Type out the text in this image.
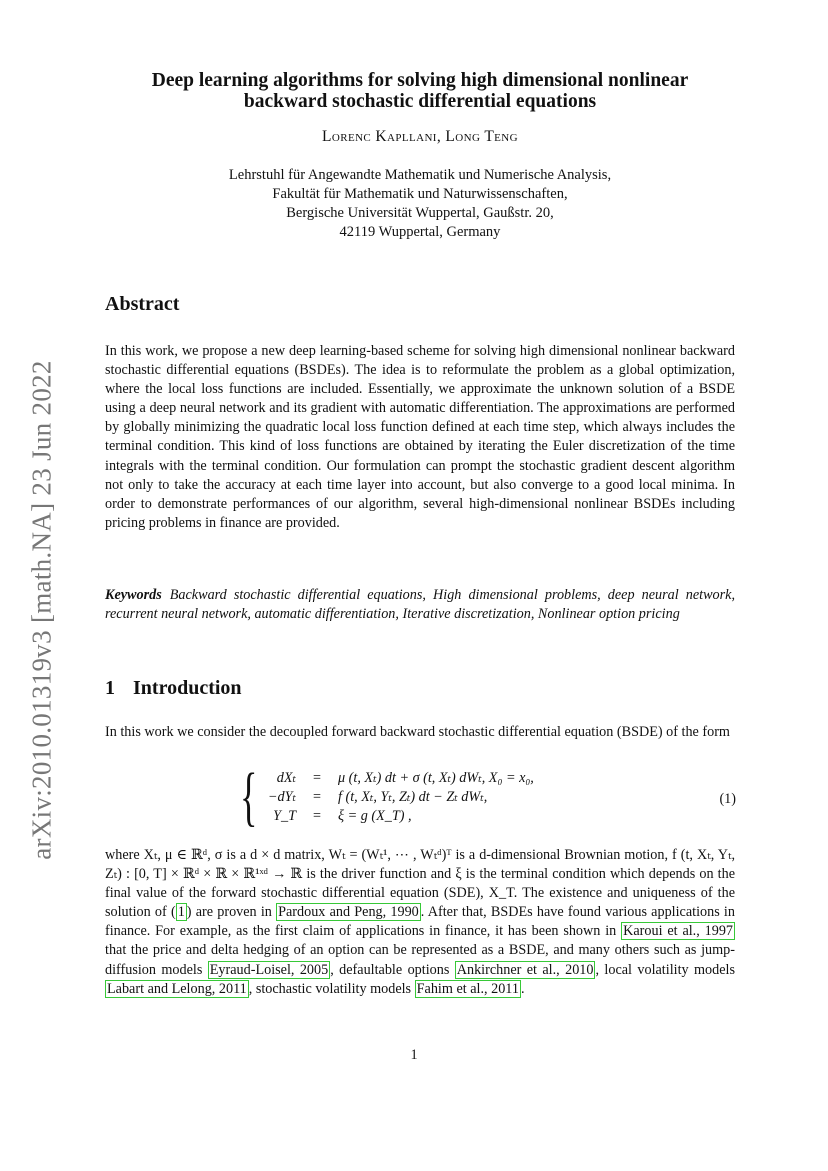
arXiv:2010.01319v3 [math.NA] 23 Jun 2022
Deep learning algorithms for solving high dimensional nonlinear
backward stochastic differential equations
Lorenc Kapllani, Long Teng
Lehrstuhl für Angewandte Mathematik und Numerische Analysis,
Fakultät für Mathematik und Naturwissenschaften,
Bergische Universität Wuppertal, Gaußstr. 20,
42119 Wuppertal, Germany
Abstract
In this work, we propose a new deep learning-based scheme for solving high dimensional nonlinear backward stochastic differential equations (BSDEs). The idea is to reformulate the problem as a global optimization, where the local loss functions are included. Essentially, we approximate the unknown solution of a BSDE using a deep neural network and its gradient with automatic differentiation. The approximations are performed by globally minimizing the quadratic local loss function defined at each time step, which always includes the terminal condition. This kind of loss functions are obtained by iterating the Euler discretization of the time integrals with the terminal condition. Our formulation can prompt the stochastic gradient descent algorithm not only to take the accuracy at each time layer into account, but also converge to a good local minima. In order to demonstrate performances of our algorithm, several high-dimensional nonlinear BSDEs including pricing problems in finance are provided.
Keywords Backward stochastic differential equations, High dimensional problems, deep neural network, recurrent neural network, automatic differentiation, Iterative discretization, Nonlinear option pricing
1 Introduction
In this work we consider the decoupled forward backward stochastic differential equation (BSDE) of the form
{	dXₜ = μ (t, Xₜ) dt + σ (t, Xₜ) dWₜ, X₀ = x₀,
−dYₜ = f (t, Xₜ, Yₜ, Zₜ) dt − Zₜ dWₜ,
Y_T = ξ = g (X_T) ,
(1)
where Xₜ, μ ∈ ℝᵈ, σ is a d × d matrix, Wₜ = (Wₜ¹, ⋯ , Wₜᵈ)ᵀ is a d-dimensional Brownian motion, f (t, Xₜ, Yₜ, Zₜ) : [0, T] × ℝᵈ × ℝ × ℝ¹ˣᵈ → ℝ is the driver function and ξ is the terminal condition which depends on the final value of the forward stochastic differential equation (SDE), X_T. The existence and uniqueness of the solution of ( 1 ) are proven in Pardoux and Peng, 1990 . After that, BSDEs have found various applications in finance. For example, as the first claim of applications in finance, it has been shown in Karoui et al., 1997 that the price and delta hedging of an option can be represented as a BSDE, and many others such as jump-diffusion models Eyraud-Loisel, 2005 , defaultable options Ankirchner et al., 2010 , local volatility models Labart and Lelong, 2011 , stochastic volatility models Fahim et al., 2011 .
1
